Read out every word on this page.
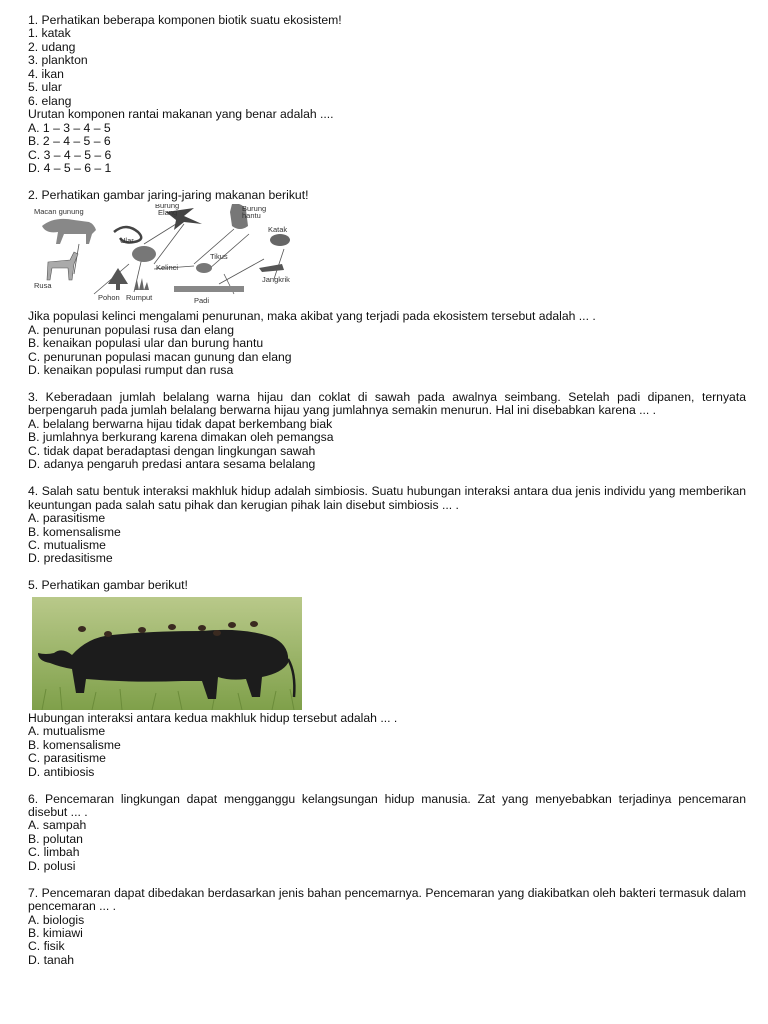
1. Perhatikan beberapa komponen biotik suatu ekosistem!
1. katak
2. udang
3. plankton
4. ikan
5. ular
6. elang
Urutan komponen rantai makanan yang benar adalah ....
A. 1 – 3 – 4 – 5
B. 2 – 4 – 5 – 6
C. 3 – 4 – 5 – 6
D. 4 – 5 – 6 – 1
2. Perhatikan gambar jaring-jaring makanan berikut!
Burung
Elang
Macan gunung	Burung
hantu
Ular
Katak
Tikus
Kelinci
Jangkrik
Rusa
Pohon Rumput	Padi
Jika populasi kelinci mengalami penurunan, maka akibat yang terjadi pada ekosistem tersebut adalah ... .
A. penurunan populasi rusa dan elang
B. kenaikan populasi ular dan burung hantu
C. penurunan populasi macan gunung dan elang
D. kenaikan populasi rumput dan rusa
3. Keberadaan jumlah belalang warna hijau dan coklat di sawah pada awalnya seimbang. Setelah padi dipanen, ternyata berpengaruh pada jumlah belalang berwarna hijau yang jumlahnya semakin menurun. Hal ini disebabkan karena ... .
A. belalang berwarna hijau tidak dapat berkembang biak
B. jumlahnya berkurang karena dimakan oleh pemangsa
C. tidak dapat beradaptasi dengan lingkungan sawah
D. adanya pengaruh predasi antara sesama belalang
4. Salah satu bentuk interaksi makhluk hidup adalah simbiosis. Suatu hubungan interaksi antara dua jenis individu yang memberikan keuntungan pada salah satu pihak dan kerugian pihak lain disebut simbiosis ... .
A. parasitisme
B. komensalisme
C. mutualisme
D. predasitisme
5. Perhatikan gambar berikut!
Hubungan interaksi antara kedua makhluk hidup tersebut adalah ... .
A. mutualisme
B. komensalisme
C. parasitisme
D. antibiosis
6. Pencemaran lingkungan dapat mengganggu kelangsungan hidup manusia. Zat yang menyebabkan terjadinya pencemaran disebut ... .
A. sampah
B. polutan
C. limbah
D. polusi
7. Pencemaran dapat dibedakan berdasarkan jenis bahan pencemarnya. Pencemaran yang diakibatkan oleh bakteri termasuk dalam pencemaran ... .
A. biologis
B. kimiawi
C. fisik
D. tanah
